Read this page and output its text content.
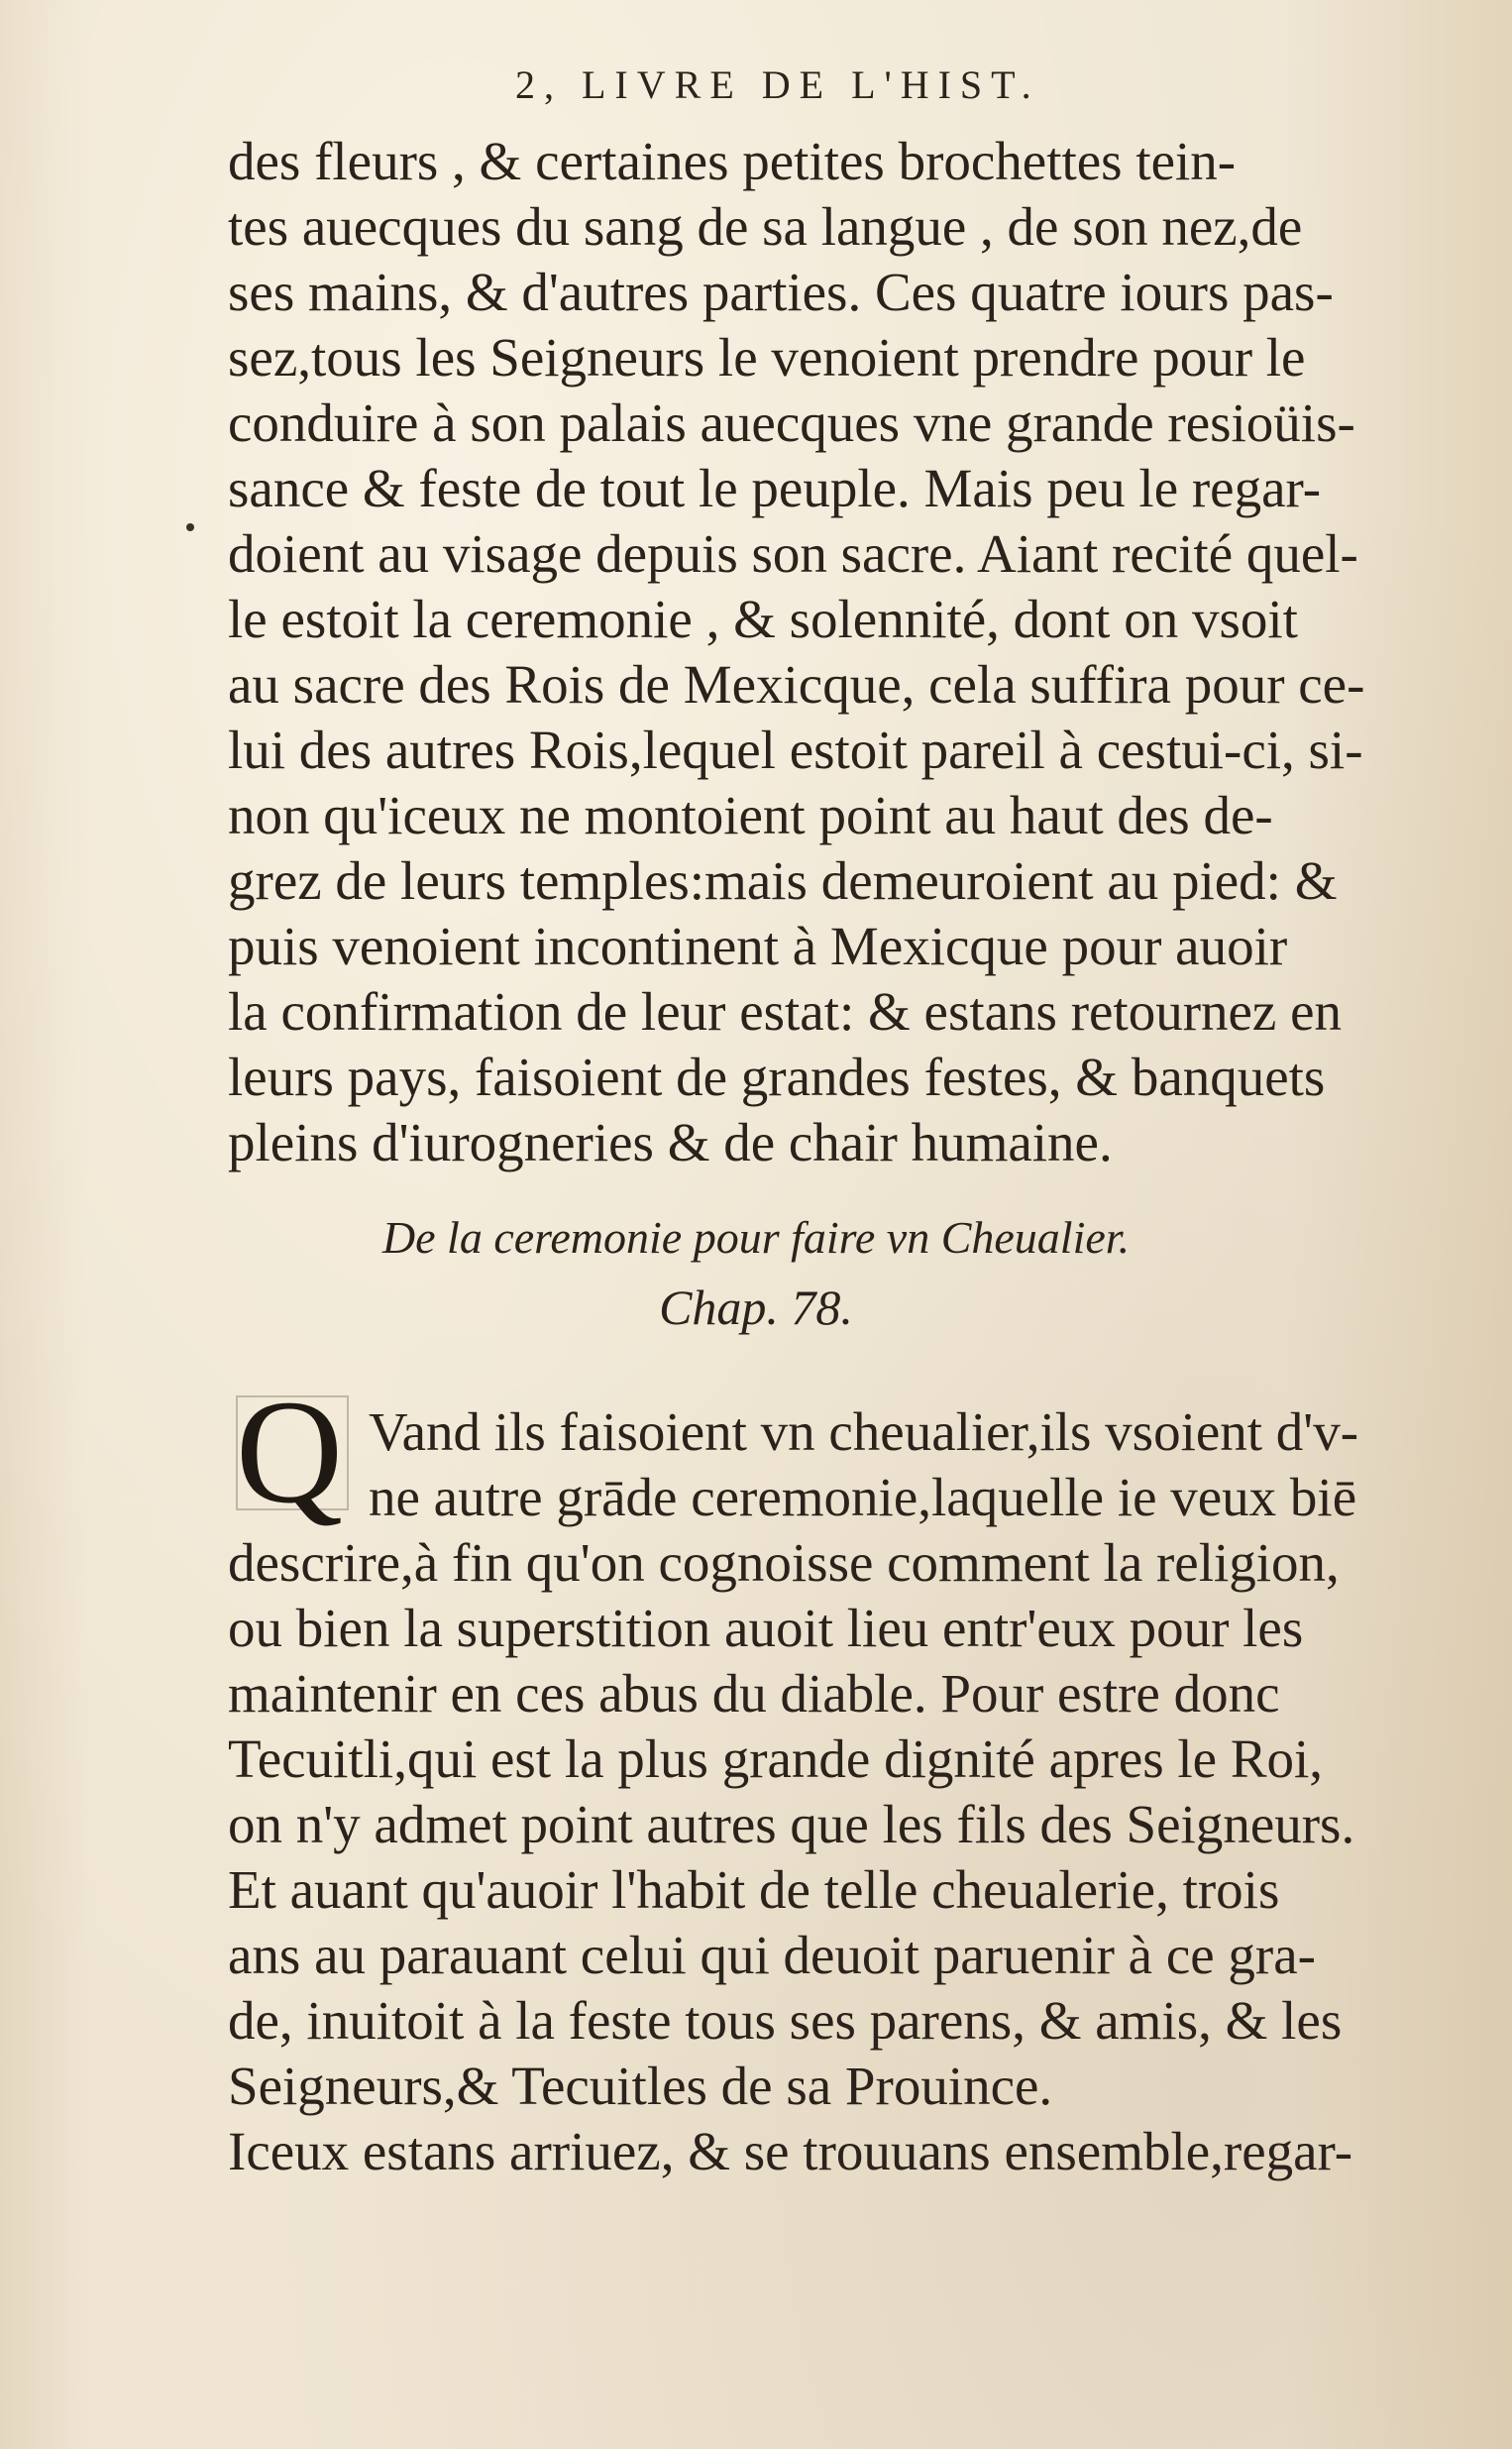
2, LIVRE DE L'HIST.
des fleurs , & certaines petites brochettes tein-
tes auecques du sang de sa langue , de son nez,de
ses mains, & d'autres parties. Ces quatre iours pas-
sez,tous les Seigneurs le venoient prendre pour le
conduire à son palais auecques vne grande resioüis-
sance & feste de tout le peuple. Mais peu le regar-
doient au visage depuis son sacre. Aiant recité quel-
le estoit la ceremonie , & solennité, dont on vsoit
au sacre des Rois de Mexicque, cela suffira pour ce-
lui des autres Rois,lequel estoit pareil à cestui-ci, si-
non qu'iceux ne montoient point au haut des de-
grez de leurs temples:mais demeuroient au pied: &
puis venoient incontinent à Mexicque pour auoir
la confirmation de leur estat: & estans retournez en
leurs pays, faisoient de grandes festes, & banquets
pleins d'iurogneries & de chair humaine.
De la ceremonie pour faire vn Cheualier.
Chap. 78.
Q Vand ils faisoient vn cheualier,ils vsoient d'v-
ne autre grāde ceremonie,laquelle ie veux biē
descrire,à fin qu'on cognoisse comment la religion,
ou bien la superstition auoit lieu entr'eux pour les
maintenir en ces abus du diable. Pour estre donc
Tecuitli,qui est la plus grande dignité apres le Roi,
on n'y admet point autres que les fils des Seigneurs.
Et auant qu'auoir l'habit de telle cheualerie, trois
ans au parauant celui qui deuoit paruenir à ce gra-
de, inuitoit à la feste tous ses parens, & amis, & les
Seigneurs,& Tecuitles de sa Prouince.
Iceux estans arriuez, & se trouuans ensemble,regar-
